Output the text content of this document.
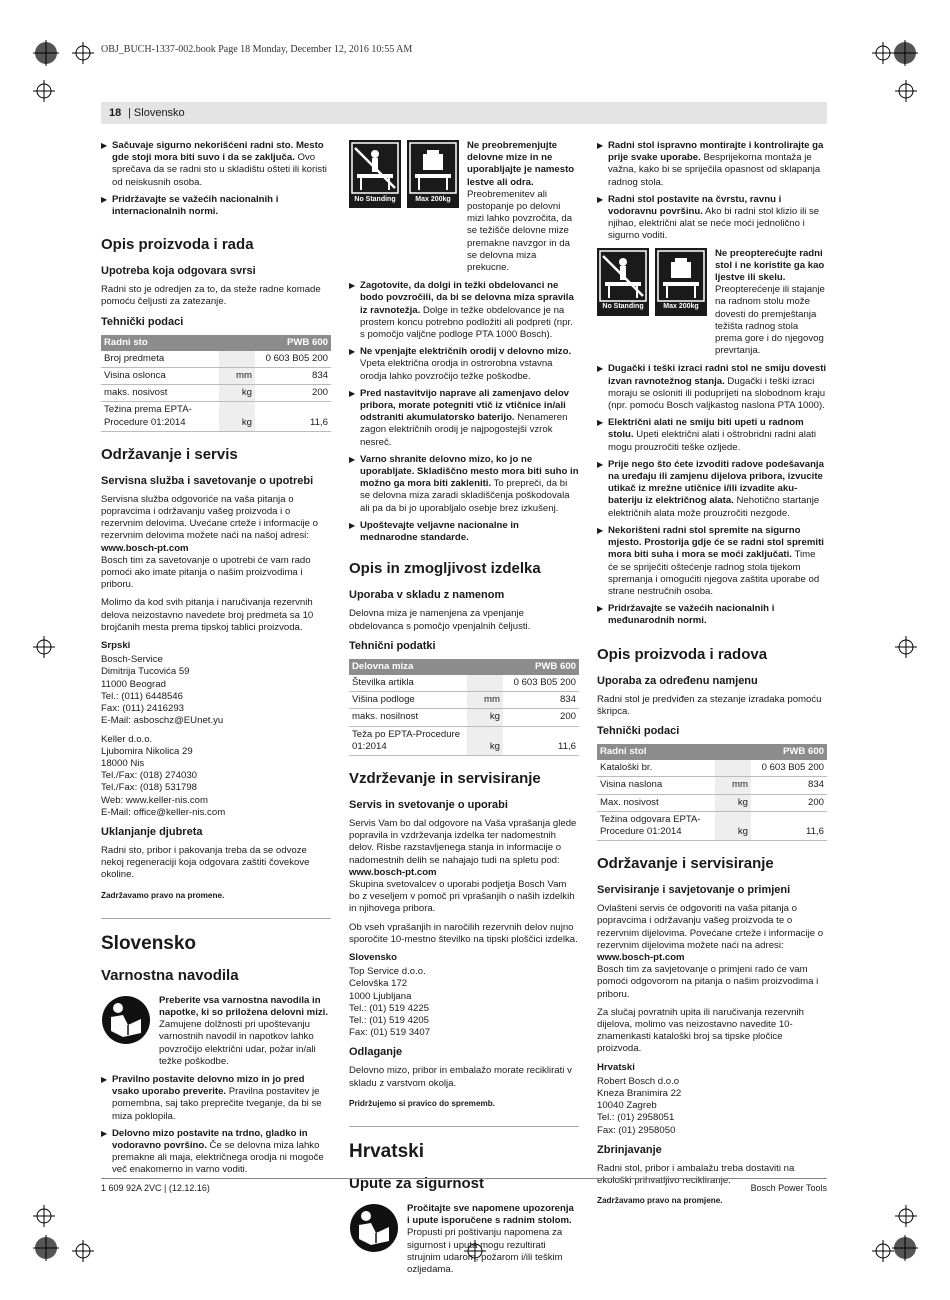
OBJ_BUCH-1337-002.book Page 18 Monday, December 12, 2016 10:55 AM
18 | Slovensko
▶ Sačuvaje sigurno nekorišćeni radni sto. Mesto gde stoji mora biti suvo i da se zaključa. Ovo sprečava da se radni sto u skladištu ošteti ili koristi od neiskusnih osoba.
▶ Pridržavajte se važećih nacionalnih i internacionalnih normi.
Opis proizvoda i rada
Upotreba koja odgovara svrsi

Radni sto je odredjen za to, da steže radne komade pomoću čeljusti za zatezanje.

Tehnički podaci
Radni sto		PWB 600
Broj predmeta		0 603 B05 200
Visina oslonca	mm	834
maks. nosivost	kg	200
Težina prema EPTA-Procedure 01:2014	kg	11,6
Održavanje i servis
Servisna služba i savetovanje o upotrebi

Servisna služba odgovoriće na vaša pitanja o popravcima i održavanju vašeg proizvoda i o rezervnim delovima. Uvećane crteže i informacije o rezervnim delovima možete naći na našoj adresi:

www.bosch-pt.com

Bosch tim za savetovanje o upotrebi će vam rado pomoći ako imate pitanja o našim proizvodima i priboru.

Molimo da kod svih pitanja i naručivanja rezervnih delova neizostavno navedete broj predmeta sa 10 brojčanih mesta prema tipskoj tablici proizvoda.

Srpski

Bosch-Service
Dimitrija Tucovića 59
11000 Beograd
Tel.: (011) 6448546
Fax: (011) 2416293
E-Mail: asboschz@EUnet.yu

Keller d.o.o.
Ljubomira Nikolica 29
18000 Nis
Tel./Fax: (018) 274030
Tel./Fax: (018) 531798
Web: www.keller-nis.com
E-Mail: office@keller-nis.com

Uklanjanje djubreta

Radni sto, pribor i pakovanja treba da se odvoze nekoj regeneraciji koja odgovara zaštiti čovekove okoline.

Zadržavamo pravo na promene.

Slovensko
Varnostna navodila
Preberite vsa varnostna navodila in napotke, ki so priložena delovni mizi. Zamujene dolžnosti pri upoštevanju varnostnih navodil in napotkov lahko povzročijo električni udar, požar in/ali težke poškodbe.
▶ Pravilno postavite delovno mizo in jo pred vsako uporabo preverite. Pravilna postavitev je pomembna, saj tako preprečite tveganje, da bi se miza poklopila.
▶ Delovno mizo postavite na trdno, gladko in vodoravno površino. Če se delovna miza lahko premakne ali maja, električnega orodja ni mogoče več enakomerno in varno voditi.
No Standing	Max 200kg
Ne preobremenjujte delovne mize in ne uporabljajte je namesto lestve ali odra. Preobremenitev ali postopanje po delovni mizi lahko povzročita, da se težišče delovne mize premakne navzgor in da se delovna miza prekucne.
▶ Zagotovite, da dolgi in težki obdelovanci ne bodo povzročili, da bi se delovna miza spravila iz ravnotežja. Dolge in težke obdelovance je na prostem koncu potrebno podložiti ali podpreti (npr. s pomočjo valjčne podloge PTA 1000 Bosch).
▶ Ne vpenjajte električnih orodij v delovno mizo. Vpeta električna orodja in ostrorobna vstavna orodja lahko povzročijo težke poškodbe.
▶ Pred nastavitvijo naprave ali zamenjavo delov pribora, morate potegniti vtič iz vtičnice in/ali odstraniti akumulatorsko baterijo. Nenameren zagon električnih orodij je najpogostejši vzrok nesreč.
▶ Varno shranite delovno mizo, ko jo ne uporabljate. Skladiščno mesto mora biti suho in možno ga mora biti zakleniti. To prepreči, da bi se delovna miza zaradi skladiščenja poškodovala ali pa da bi jo uporabljalo osebje brez izkušenj.
▶ Upoštevajte veljavne nacionalne in mednarodne standarde.
Opis in zmogljivost izdelka
Uporaba v skladu z namenom

Delovna miza je namenjena za vpenjanje obdelovanca s pomočjo vpenjalnih čeljusti.

Tehnični podatki
Delovna miza		PWB 600
Številka artikla		0 603 B05 200
Višina podloge	mm	834
maks. nosilnost	kg	200
Teža po EPTA-Procedure 01:2014	kg	11,6
Vzdrževanje in servisiranje
Servis in svetovanje o uporabi

Servis Vam bo dal odgovore na Vaša vprašanja glede popravila in vzdrževanja izdelka ter nadomestnih delov. Risbe razstavljenega stanja in informacije o nadomestnih delih se nahajajo tudi na spletu pod:

www.bosch-pt.com

Skupina svetovalcev o uporabi podjetja Bosch Vam bo z veseljem v pomoč pri vprašanjih o naših izdelkih in njihovega pribora.

Ob vseh vprašanjih in naročilih rezervnih delov nujno sporočite 10-mestno številko na tipski ploščici izdelka.

Slovensko

Top Service d.o.o.
Celovška 172
1000 Ljubljana
Tel.: (01) 519 4225
Tel.: (01) 519 4205
Fax: (01) 519 3407

Odlaganje

Delovno mizo, pribor in embalažo morate reciklirati v skladu z varstvom okolja.

Pridržujemo si pravico do sprememb.

Hrvatski
Upute za sigurnost
Pročitajte sve napomene upozorenja i upute isporučene s radnim stolom. Propusti pri poštivanju napomena za sigurnost i uputa mogu rezultirati strujnim udarom, požarom i/ili teškim ozljedama.
▶ Radni stol ispravno montirajte i kontrolirajte ga prije svake uporabe. Besprijekorna montaža je važna, kako bi se spriječila opasnost od sklapanja radnog stola.
▶ Radni stol postavite na čvrstu, ravnu i vodoravnu površinu. Ako bi radni stol klizio ili se njihao, električni alat se neće moći jednolično i sigurno voditi.
No Standing	Max 200kg
Ne preopterećujte radni stol i ne koristite ga kao ljestve ili skelu. Preopterećenje ili stajanje na radnom stolu može dovesti do premještanja težišta radnog stola prema gore i do njegovog prevrtanja.
▶ Dugački i teški izraci radni stol ne smiju dovesti izvan ravnotežnog stanja. Dugački i teški izraci moraju se osloniti ili poduprijeti na slobodnom kraju (npr. pomoću Bosch valjkastog naslona PTA 1000).
▶ Električni alati ne smiju biti upeti u radnom stolu. Upeti električni alati i oštrobridni radni alati mogu prouzročiti teške ozljede.
▶ Prije nego što ćete izvoditi radove podešavanja na uređaju ili zamjenu dijelova pribora, izvucite utikač iz mrežne utičnice i/ili izvadite aku-bateriju iz električnog alata. Nehotično startanje električnih alata može prouzročiti nezgode.
▶ Nekorišteni radni stol spremite na sigurno mjesto. Prostorija gdje će se radni stol spremiti mora biti suha i mora se moći zaključati. Time će se spriječiti oštećenje radnog stola tijekom spremanja i omogućiti njegova zaštita uporabe od strane nestručnih osoba.
▶ Pridržavajte se važećih nacionalnih i međunarodnih normi.
Opis proizvoda i radova
Uporaba za određenu namjenu

Radni stol je predviđen za stezanje izradaka pomoću škripca.

Tehnički podaci
Radni stol		PWB 600
Kataloški br.		0 603 B05 200
Visina naslona	mm	834
Max. nosivost	kg	200
Težina odgovara EPTA-Procedure 01:2014	kg	11,6
Održavanje i servisiranje
Servisiranje i savjetovanje o primjeni

Ovlašteni servis će odgovoriti na vaša pitanja o popravcima i održavanju vašeg proizvoda te o rezervnim dijelovima. Povećane crteže i informacije o rezervnim dijelovima možete naći na adresi:

www.bosch-pt.com

Bosch tim za savjetovanje o primjeni rado će vam pomoći odgovorom na pitanja o našim proizvodima i priboru.

Za slučaj povratnih upita ili naručivanja rezervnih dijelova, molimo vas neizostavno navedite 10-znamenkasti kataloški broj sa tipske pločice proizvoda.

Hrvatski

Robert Bosch d.o.o
Kneza Branimira 22
10040 Zagreb
Tel.: (01) 2958051
Fax: (01) 2958050

Zbrinjavanje

Radni stol, pribor i ambalažu treba dostaviti na ekološki prihvatljivo recikliranje.

Zadržavamo pravo na promjene.

1 609 92A 2VC | (12.12.16)	Bosch Power Tools
